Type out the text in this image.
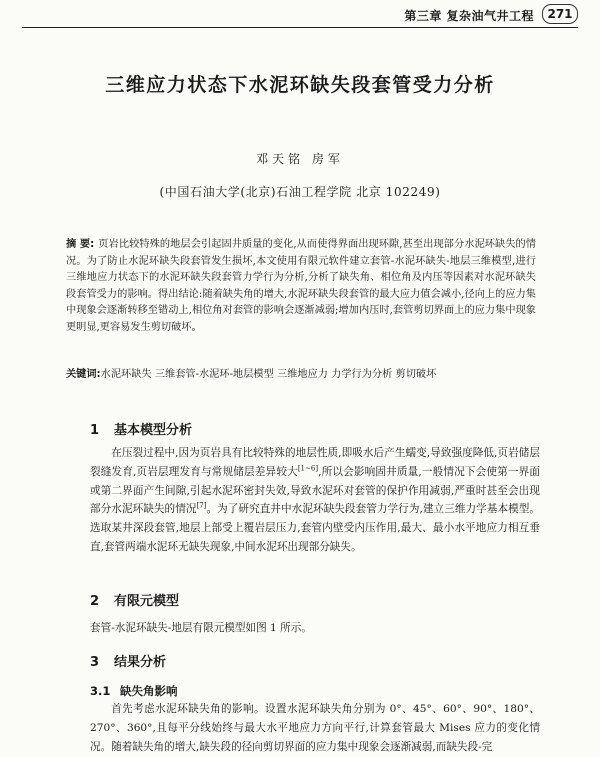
第三章 复杂油气井工程	271
三维应力状态下水泥环缺失段套管受力分析
邓天铭 房军
(中国石油大学(北京)石油工程学院 北京 102249)
摘 要: 页岩比较特殊的地层会引起固井质量的变化,从而使得界面出现环隙,甚至出现部分水泥环缺失的情况。为了防止水泥环缺失段套管发生损坏,本文使用有限元软件建立套管-水泥环缺失-地层三维模型,进行三维地应力状态下的水泥环缺失段套管力学行为分析,分析了缺失角、相位角及内压等因素对水泥环缺失段套管受力的影响。得出结论:随着缺失角的增大,水泥环缺失段套管的最大应力值会减小,径向上的应力集中现象会逐渐转移至错动上,相位角对套管的影响会逐渐减弱;增加内压时,套管剪切界面上的应力集中现象更明显,更容易发生剪切破坏。
关键词:水泥环缺失 三维套管-水泥环-地层模型 三维地应力 力学行为分析 剪切破坏
1 基本模型分析
在压裂过程中,因为页岩具有比较特殊的地层性质,即吸水后产生蠕变,导致强度降低,页岩储层裂缝发育,页岩层理发育与常规储层差异较大[1~6],所以会影响固井质量,一般情况下会使第一界面或第二界面产生间隙,引起水泥环密封失效,导致水泥环对套管的保护作用减弱,严重时甚至会出现部分水泥环缺失的情况[7]。为了研究直井中水泥环缺失段套管力学行为,建立三维力学基本模型。选取某井深段套管,地层上部受上覆岩层压力,套管内壁受内压作用,最大、最小水平地应力相互垂直,套管两端水泥环无缺失现象,中间水泥环出现部分缺失。
2 有限元模型
套管-水泥环缺失-地层有限元模型如图 1 所示。
3 结果分析
3.1 缺失角影响
首先考虑水泥环缺失角的影响。设置水泥环缺失角分别为 0°、45°、60°、90°、180°、270°、360°,且每平分线始终与最大水平地应力方向平行,计算套管最大 Mises 应力的变化情况。 随着缺失角的增大,缺失段的径向剪切界面的应力集中现象会逐渐减弱,而缺失段-完
